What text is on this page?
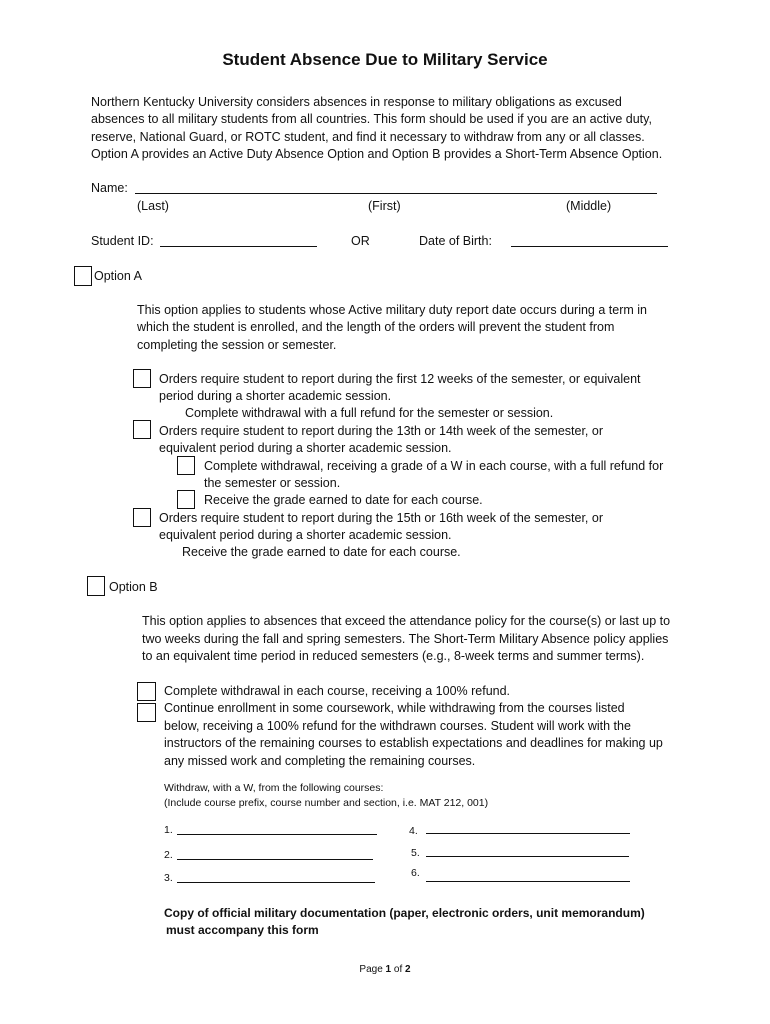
Student Absence Due to Military Service
Northern Kentucky University considers absences in response to military obligations as excused
absences to all military students from all countries. This form should be used if you are an active duty,
reserve, National Guard, or ROTC student, and find it necessary to withdraw from any or all classes.
Option A provides an Active Duty Absence Option and Option B provides a Short-Term Absence Option.
Name:
(Last)	(First)	(Middle)
Student ID:	OR	Date of Birth:
Option A
This option applies to students whose Active military duty report date occurs during a term in
which the student is enrolled, and the length of the orders will prevent the student from
completing the session or semester.
Orders require student to report during the first 12 weeks of the semester, or equivalent
period during a shorter academic session.
Complete withdrawal with a full refund for the semester or session.
Orders require student to report during the 13th or 14th week of the semester, or
equivalent period during a shorter academic session.
Complete withdrawal, receiving a grade of a W in each course, with a full refund for
the semester or session.
Receive the grade earned to date for each course.
Orders require student to report during the 15th or 16th week of the semester, or
equivalent period during a shorter academic session.
Receive the grade earned to date for each course.
Option B
This option applies to absences that exceed the attendance policy for the course(s) or last up to
two weeks during the fall and spring semesters. The Short-Term Military Absence policy applies
to an equivalent time period in reduced semesters (e.g., 8-week terms and summer terms).
Complete withdrawal in each course, receiving a 100% refund.
Continue enrollment in some coursework, while withdrawing from the courses listed
below, receiving a 100% refund for the withdrawn courses. Student will work with the
instructors of the remaining courses to establish expectations and deadlines for making up
any missed work and completing the remaining courses.
Withdraw, with a W, from the following courses:
(Include course prefix, course number and section, i.e. MAT 212, 001)
1.
2.
3.
4.
5.
6.
Copy of official military documentation (paper, electronic orders, unit memorandum)
must accompany this form
Page 1 of 2
